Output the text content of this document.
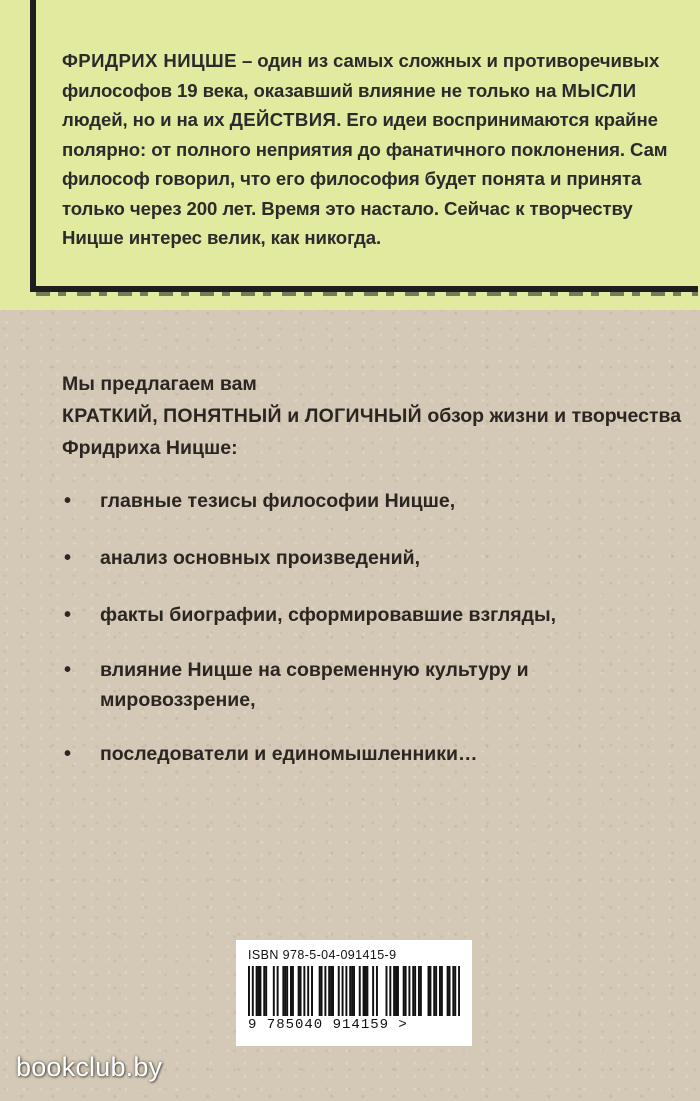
ФРИДРИХ НИЦШЕ – один из самых сложных и противоречивых философов 19 века, оказавший влияние не только на МЫСЛИ людей, но и на их ДЕЙСТВИЯ. Его идеи воспринимаются крайне полярно: от полного неприятия до фанатичного поклонения. Сам философ говорил, что его философия будет понята и принята только через 200 лет. Время это настало. Сейчас к творчеству Ницше интерес велик, как никогда.
Мы предлагаем вам
КРАТКИЙ, ПОНЯТНЫЙ и ЛОГИЧНЫЙ обзор жизни и творчества Фридриха Ницше:
• главные тезисы философии Ницше,
• анализ основных произведений,
• факты биографии, сформировавшие взгляды,
• влияние Ницше на современную культуру и мировоззрение,
• последователи и единомышленники…
ISBN 978-5-04-091415-9
9 785040 914159 >
bookclub.by
